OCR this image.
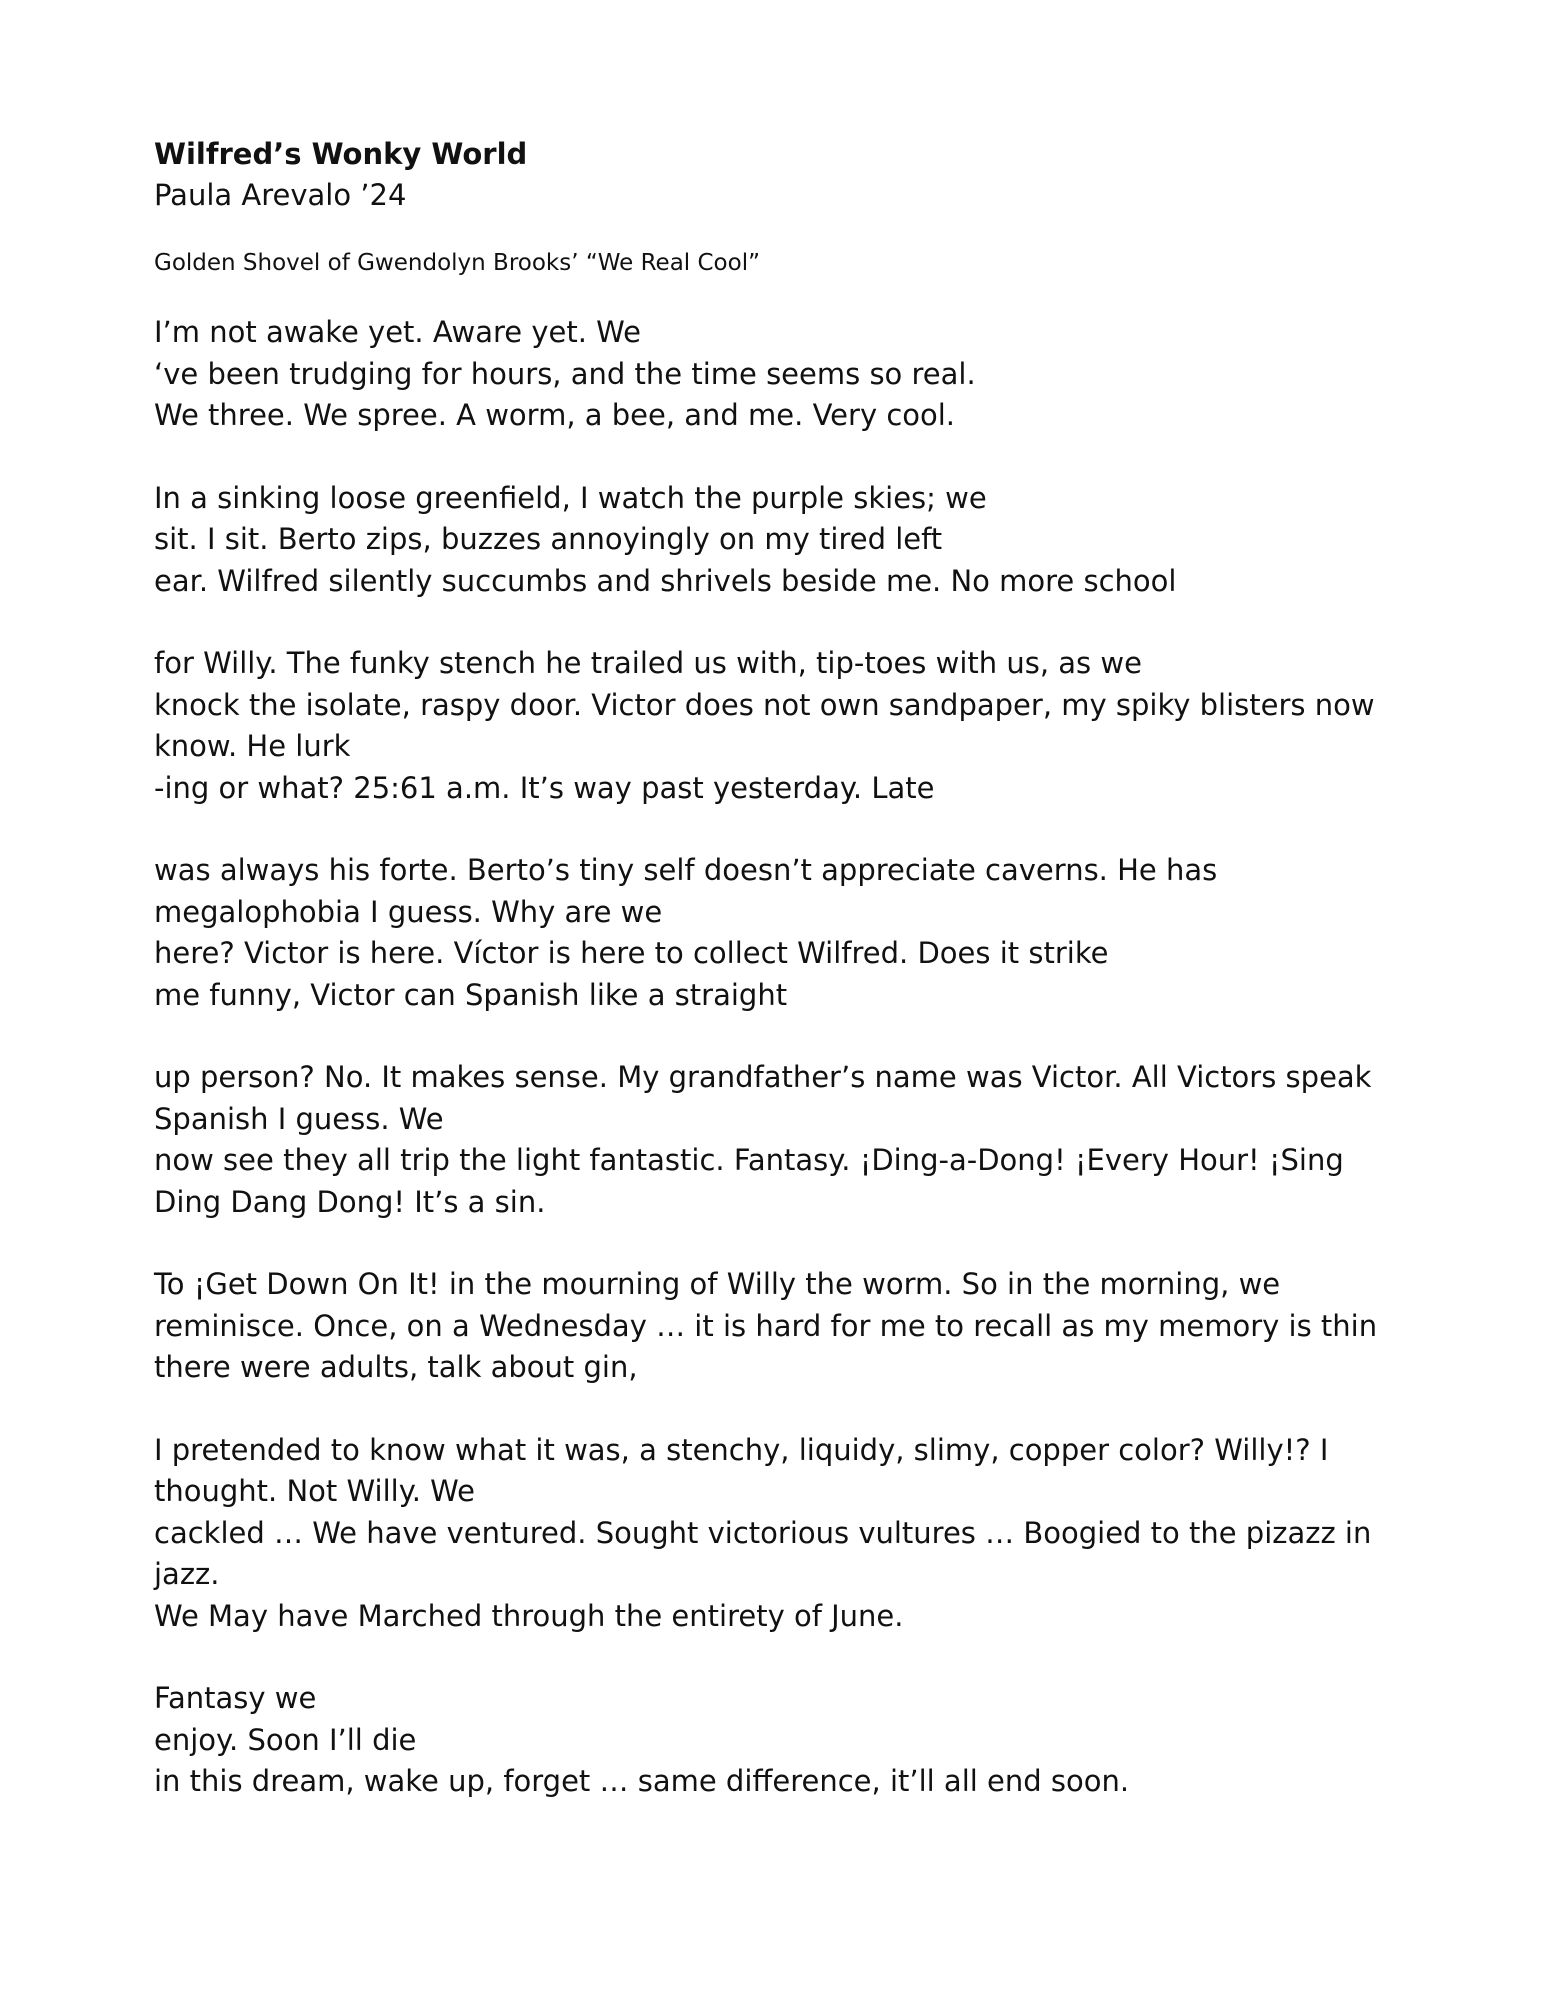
Wilfred’s Wonky World

Paula Arevalo ’24

Golden Shovel of Gwendolyn Brooks’ “We Real Cool”

I’m not awake yet. Aware yet. We

‘ve been trudging for hours, and the time seems so real.

We three. We spree. A worm, a bee, and me. Very cool.

In a sinking loose greenfield, I watch the purple skies; we

sit. I sit. Berto zips, buzzes annoyingly on my tired left

ear. Wilfred silently succumbs and shrivels beside me. No more school

for Willy. The funky stench he trailed us with, tip-toes with us, as we

knock the isolate, raspy door. Victor does not own sandpaper, my spiky blisters now know. He lurk

-ing or what? 25:61 a.m. It’s way past yesterday. Late

was always his forte. Berto’s tiny self doesn’t appreciate caverns. He has megalophobia I guess. Why are we

here? Victor is here. Víctor is here to collect Wilfred. Does it strike

me funny, Victor can Spanish like a straight

up person? No. It makes sense. My grandfather’s name was Victor. All Victors speak Spanish I guess. We

now see they all trip the light fantastic. Fantasy. ¡Ding-a-Dong! ¡Every Hour! ¡Sing Ding Dang Dong! It’s a sin.

To ¡Get Down On It! in the mourning of Willy the worm. So in the morning, we

reminisce. Once, on a Wednesday … it is hard for me to recall as my memory is thin

there were adults, talk about gin,

I pretended to know what it was, a stenchy, liquidy, slimy, copper color? Willy!? I thought. Not Willy. We

cackled … We have ventured. Sought victorious vultures … Boogied to the pizazz in jazz.

We May have Marched through the entirety of June.

Fantasy we

enjoy. Soon I’ll die

in this dream, wake up, forget … same difference, it’ll all end soon.
